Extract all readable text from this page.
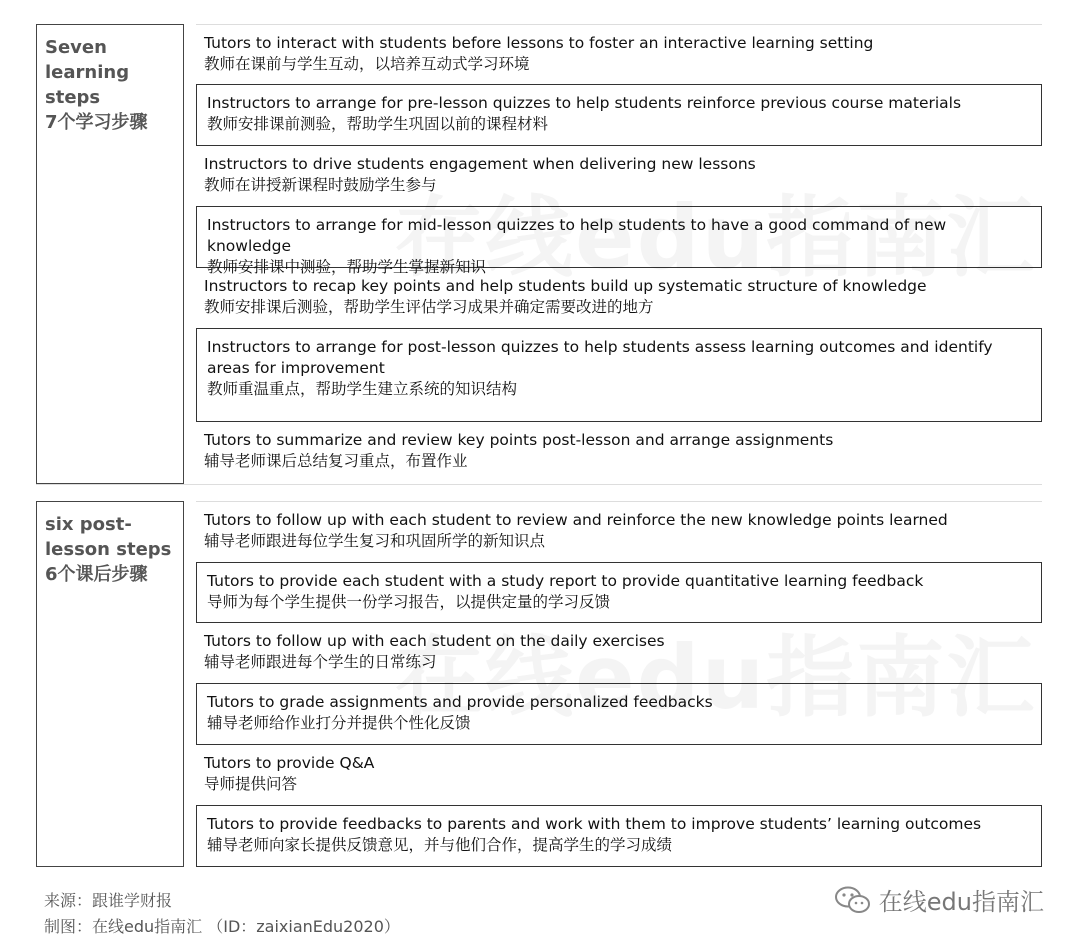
Seven
learning
steps
7个学习步骤
Tutors to interact with students before lessons to foster an interactive learning setting
教师在课前与学生互动，以培养互动式学习环境
Instructors to arrange for pre-lesson quizzes to help students reinforce previous course materials
教师安排课前测验，帮助学生巩固以前的课程材料
Instructors to drive students engagement when delivering new lessons
教师在讲授新课程时鼓励学生参与
Instructors to arrange for mid-lesson quizzes to help students to have a good command of new knowledge
教师安排课中测验，帮助学生掌握新知识
Instructors to recap key points and help students build up systematic structure of knowledge
教师安排课后测验，帮助学生评估学习成果并确定需要改进的地方
Instructors to arrange for post-lesson quizzes to help students assess learning outcomes and identify areas for improvement
教师重温重点，帮助学生建立系统的知识结构
Tutors to summarize and review key points post-lesson and arrange assignments
辅导老师课后总结复习重点，布置作业
six post-
lesson steps
6个课后步骤
Tutors to follow up with each student to review and reinforce the new knowledge points learned
辅导老师跟进每位学生复习和巩固所学的新知识点
Tutors to provide each student with a study report to provide quantitative learning feedback
导师为每个学生提供一份学习报告，以提供定量的学习反馈
Tutors to follow up with each student on the daily exercises
辅导老师跟进每个学生的日常练习
Tutors to grade assignments and provide personalized feedbacks
辅导老师给作业打分并提供个性化反馈
Tutors to provide Q&A
导师提供问答
Tutors to provide feedbacks to parents and work with them to improve students’ learning outcomes
辅导老师向家长提供反馈意见，并与他们合作，提高学生的学习成绩
来源：跟谁学财报
制图：在线edu指南汇 （ID：zaixianEdu2020）
在线edu指南汇
